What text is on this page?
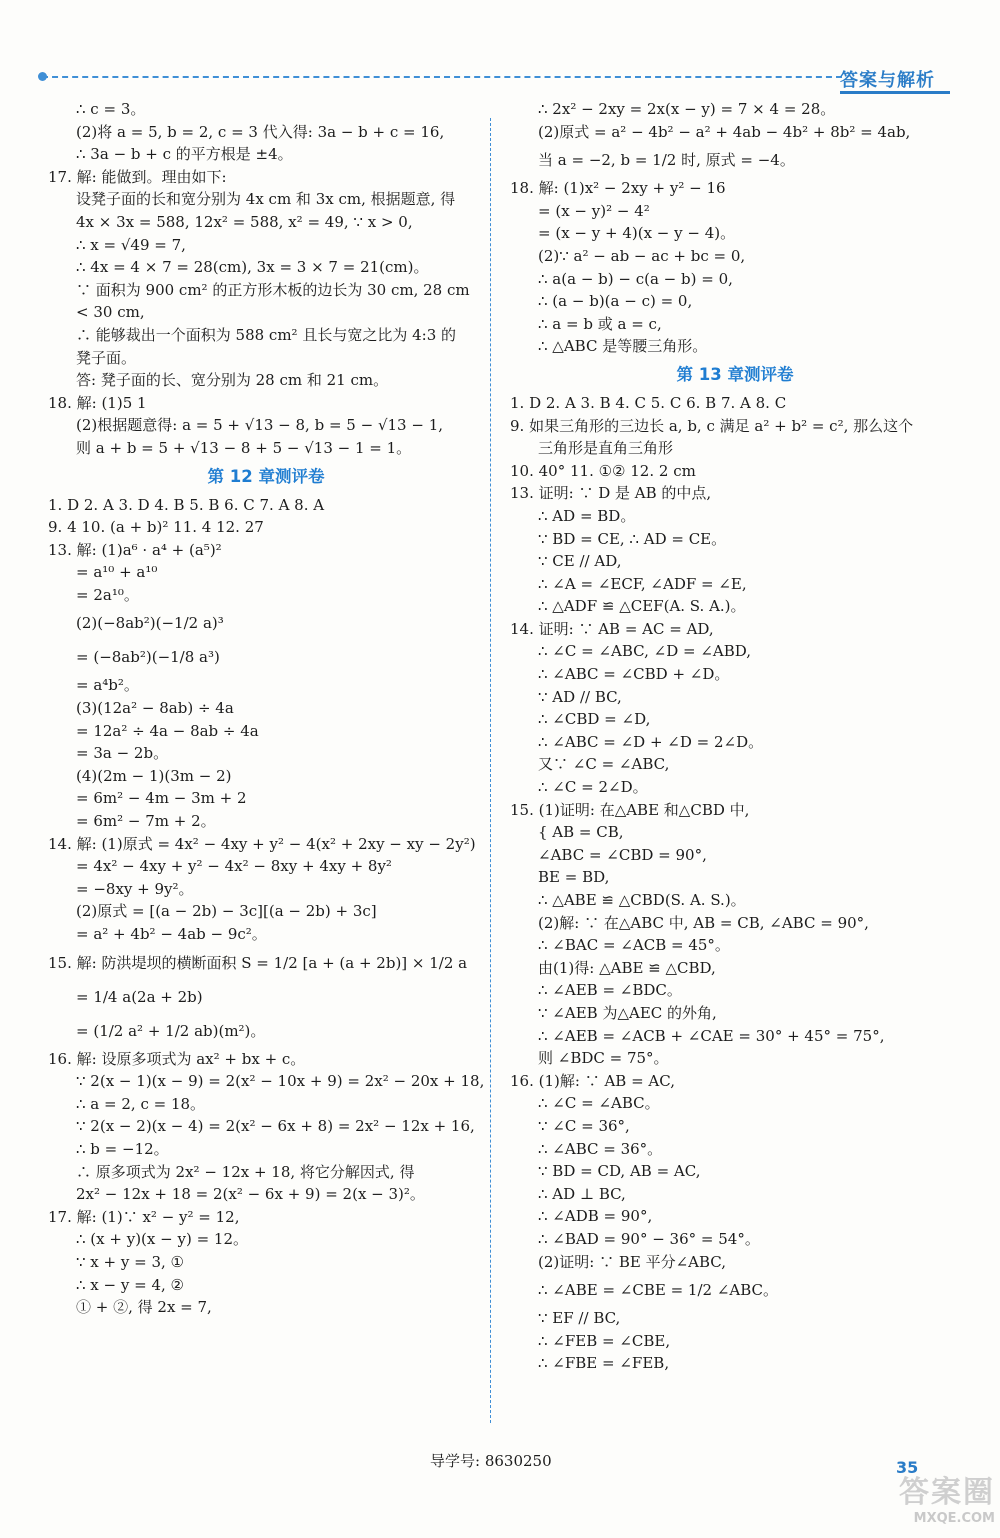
答案与解析
∴ c = 3。
(2)将 a = 5, b = 2, c = 3 代入得: 3a − b + c = 16,
∴ 3a − b + c 的平方根是 ±4。
17. 解: 能做到。理由如下:
设凳子面的长和宽分别为 4x cm 和 3x cm, 根据题意, 得
4x × 3x = 588, 12x² = 588, x² = 49, ∵ x > 0,
∴ x = √49 = 7,
∴ 4x = 4 × 7 = 28(cm), 3x = 3 × 7 = 21(cm)。
∵ 面积为 900 cm² 的正方形木板的边长为 30 cm, 28 cm
< 30 cm,
∴ 能够裁出一个面积为 588 cm² 且长与宽之比为 4:3 的
凳子面。
答: 凳子面的长、宽分别为 28 cm 和 21 cm。
18. 解: (1)5 1
(2)根据题意得: a = 5 + √13 − 8, b = 5 − √13 − 1,
则 a + b = 5 + √13 − 8 + 5 − √13 − 1 = 1。
第 12 章测评卷
1. D 2. A 3. D 4. B 5. B 6. C 7. A 8. A
9. 4 10. (a + b)² 11. 4 12. 27
13. 解: (1)a⁶ · a⁴ + (a⁵)²
= a¹⁰ + a¹⁰
= 2a¹⁰。
(2)(−8ab²)(−1/2 a)³
= (−8ab²)(−1/8 a³)
= a⁴b²。
(3)(12a² − 8ab) ÷ 4a
= 12a² ÷ 4a − 8ab ÷ 4a
= 3a − 2b。
(4)(2m − 1)(3m − 2)
= 6m² − 4m − 3m + 2
= 6m² − 7m + 2。
14. 解: (1)原式 = 4x² − 4xy + y² − 4(x² + 2xy − xy − 2y²)
= 4x² − 4xy + y² − 4x² − 8xy + 4xy + 8y²
= −8xy + 9y²。
(2)原式 = [(a − 2b) − 3c][(a − 2b) + 3c]
= a² + 4b² − 4ab − 9c²。
15. 解: 防洪堤坝的横断面积 S = 1/2 [a + (a + 2b)] × 1/2 a
= 1/4 a(2a + 2b)
= (1/2 a² + 1/2 ab)(m²)。
16. 解: 设原多项式为 ax² + bx + c。
∵ 2(x − 1)(x − 9) = 2(x² − 10x + 9) = 2x² − 20x + 18,
∴ a = 2, c = 18。
∵ 2(x − 2)(x − 4) = 2(x² − 6x + 8) = 2x² − 12x + 16,
∴ b = −12。
∴ 原多项式为 2x² − 12x + 18, 将它分解因式, 得
2x² − 12x + 18 = 2(x² − 6x + 9) = 2(x − 3)²。
17. 解: (1)∵ x² − y² = 12,
∴ (x + y)(x − y) = 12。
∵ x + y = 3, ①
∴ x − y = 4, ②
① + ②, 得 2x = 7,
∴ 2x² − 2xy = 2x(x − y) = 7 × 4 = 28。
(2)原式 = a² − 4b² − a² + 4ab − 4b² + 8b² = 4ab,
当 a = −2, b = 1/2 时, 原式 = −4。
18. 解: (1)x² − 2xy + y² − 16
= (x − y)² − 4²
= (x − y + 4)(x − y − 4)。
(2)∵ a² − ab − ac + bc = 0,
∴ a(a − b) − c(a − b) = 0,
∴ (a − b)(a − c) = 0,
∴ a = b 或 a = c,
∴ △ABC 是等腰三角形。
第 13 章测评卷
1. D 2. A 3. B 4. C 5. C 6. B 7. A 8. C
9. 如果三角形的三边长 a, b, c 满足 a² + b² = c², 那么这个
三角形是直角三角形
10. 40° 11. ①② 12. 2 cm
13. 证明: ∵ D 是 AB 的中点,
∴ AD = BD。
∵ BD = CE, ∴ AD = CE。
∵ CE // AD,
∴ ∠A = ∠ECF, ∠ADF = ∠E,
∴ △ADF ≌ △CEF(A. S. A.)。
14. 证明: ∵ AB = AC = AD,
∴ ∠C = ∠ABC, ∠D = ∠ABD,
∴ ∠ABC = ∠CBD + ∠D。
∵ AD // BC,
∴ ∠CBD = ∠D,
∴ ∠ABC = ∠D + ∠D = 2∠D。
又∵ ∠C = ∠ABC,
∴ ∠C = 2∠D。
15. (1)证明: 在△ABE 和△CBD 中,
{ AB = CB,
∠ABC = ∠CBD = 90°,
BE = BD,
∴ △ABE ≌ △CBD(S. A. S.)。
(2)解: ∵ 在△ABC 中, AB = CB, ∠ABC = 90°,
∴ ∠BAC = ∠ACB = 45°。
由(1)得: △ABE ≌ △CBD,
∴ ∠AEB = ∠BDC。
∵ ∠AEB 为△AEC 的外角,
∴ ∠AEB = ∠ACB + ∠CAE = 30° + 45° = 75°,
则 ∠BDC = 75°。
16. (1)解: ∵ AB = AC,
∴ ∠C = ∠ABC。
∵ ∠C = 36°,
∴ ∠ABC = 36°。
∵ BD = CD, AB = AC,
∴ AD ⊥ BC,
∴ ∠ADB = 90°,
∴ ∠BAD = 90° − 36° = 54°。
(2)证明: ∵ BE 平分∠ABC,
∴ ∠ABE = ∠CBE = 1/2 ∠ABC。
∵ EF // BC,
∴ ∠FEB = ∠CBE,
∴ ∠FBE = ∠FEB,
导学号: 8630250	35
答案圈
MXQE.COM
